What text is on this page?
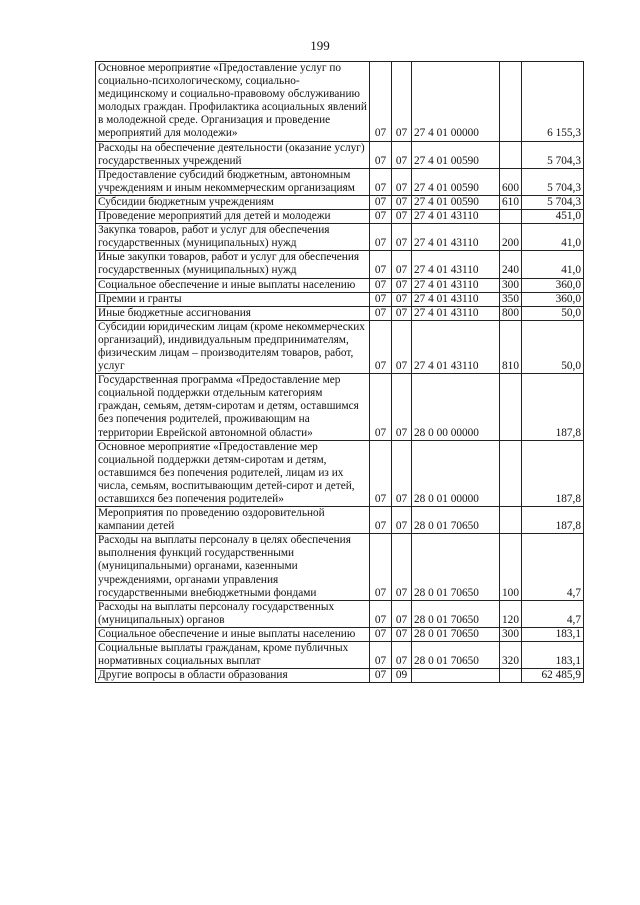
199
Основное мероприятие «Предоставление услуг по социально-психологическому, социально-медицинскому и социально-правовому обслуживанию молодых граждан. Профилактика асоциальных явлений в молодежной среде. Организация и проведение мероприятий для молодежи»	07	07	27 4 01 00000		6 155,3
Расходы на обеспечение деятельности (оказание услуг) государственных учреждений	07	07	27 4 01 00590		5 704,3
Предоставление субсидий бюджетным, автономным учреждениям и иным некоммерческим организациям	07	07	27 4 01 00590	600	5 704,3
Субсидии бюджетным учреждениям	07	07	27 4 01 00590	610	5 704,3
Проведение мероприятий для детей и молодежи	07	07	27 4 01 43110		451,0
Закупка товаров, работ и услуг для обеспечения государственных (муниципальных) нужд	07	07	27 4 01 43110	200	41,0
Иные закупки товаров, работ и услуг для обеспечения государственных (муниципальных) нужд	07	07	27 4 01 43110	240	41,0
Социальное обеспечение и иные выплаты населению	07	07	27 4 01 43110	300	360,0
Премии и гранты	07	07	27 4 01 43110	350	360,0
Иные бюджетные ассигнования	07	07	27 4 01 43110	800	50,0
Субсидии юридическим лицам (кроме некоммерческих организаций), индивидуальным предпринимателям, физическим лицам – производителям товаров, работ, услуг	07	07	27 4 01 43110	810	50,0
Государственная программа «Предоставление мер социальной поддержки отдельным категориям граждан, семьям, детям-сиротам и детям, оставшимся без попечения родителей, проживающим на территории Еврейской автономной области»	07	07	28 0 00 00000		187,8
Основное мероприятие «Предоставление мер социальной поддержки детям-сиротам и детям, оставшимся без попечения родителей, лицам из их числа, семьям, воспитывающим детей-сирот и детей, оставшихся без попечения родителей»	07	07	28 0 01 00000		187,8
Мероприятия по проведению оздоровительной кампании детей	07	07	28 0 01 70650		187,8
Расходы на выплаты персоналу в целях обеспечения выполнения функций государственными (муниципальными) органами, казенными учреждениями, органами управления государственными внебюджетными фондами	07	07	28 0 01 70650	100	4,7
Расходы на выплаты персоналу государственных (муниципальных) органов	07	07	28 0 01 70650	120	4,7
Социальное обеспечение и иные выплаты населению	07	07	28 0 01 70650	300	183,1
Социальные выплаты гражданам, кроме публичных нормативных социальных выплат	07	07	28 0 01 70650	320	183,1
Другие вопросы в области образования	07	09			62 485,9
